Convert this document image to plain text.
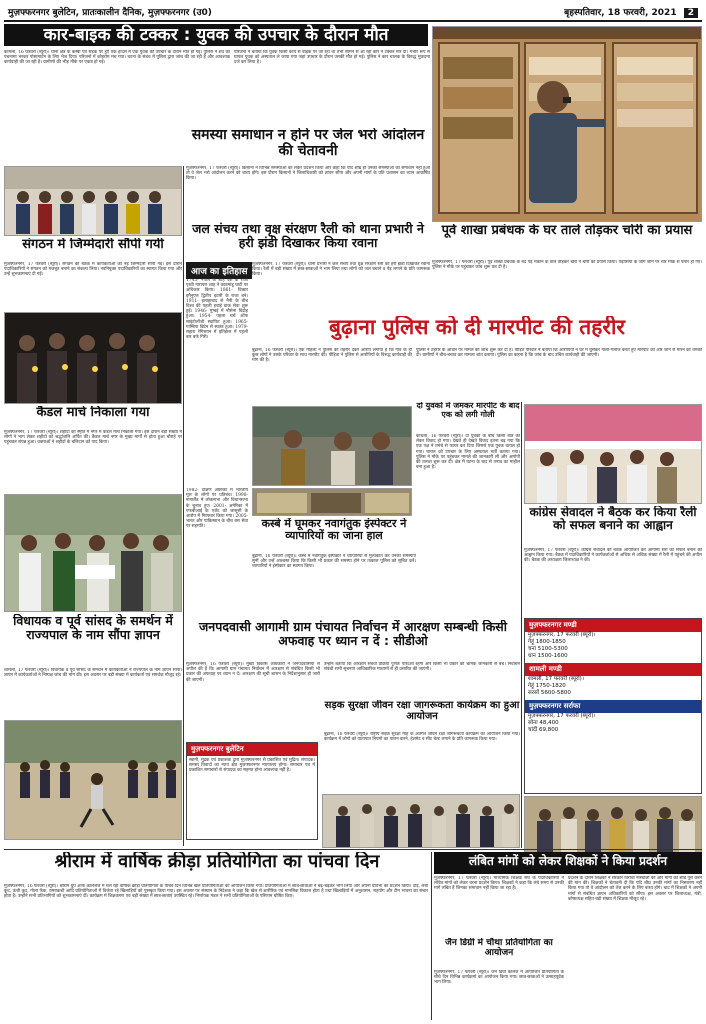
मुज़फ्फरनगर बुलेटिन, प्रातःकालीन दैनिक, मुज़फ्फरनगर (उ0)	बृहस्पतिवार, 18 फरवरी, 2021 2
कार-बाइक की टक्कर : युवक की उपचार के दौरान मौत
कामला, 16 फरवरी (ब्यूरो)। थाना क्षेत्र के कस्बा एवं सड़क पर हुए एक हादसे में एक युवक की उपचार के दौरान मौत हो गई। पुलिस ने शव का पंचनामा भरकर पोस्टमार्टम के लिए भेज दिया। परिजनों में कोहराम मच गया। घटना के संबंध में पुलिस द्वारा जांच की जा रही है और आवश्यक कार्यवाही की जा रही है। ग्रामीणों की भीड़ मौके पर एकत्र हो गई।
परिजनों ने बताया कि युवक किसी कार्य से बाइक पर जा रहा था तभी सामने से आ रही कार ने टक्कर मार दी। गंभीर रूप से घायल युवक को अस्पताल ले जाया गया जहां उपचार के दौरान उसकी मौत हो गई। पुलिस ने कार चालक के विरुद्ध मुकदमा दर्ज कर लिया है।
समस्या समाधान न होने पर जेल भरो आंदोलन की चेतावनी
मुज़फ्फरनगर, 17 फरवरी (ब्यूरो)। किसानों ने विभिन्न समस्याओं को लेकर प्रदर्शन किया और कहा कि यदि शीघ्र ही उनकी समस्याओं का समाधान नहीं हुआ तो वे जेल भरो आंदोलन करने को बाध्य होंगे। इस दौरान किसानों ने जिलाधिकारी को ज्ञापन सौंपा और अपनी मांगों के प्रति प्रशासन का ध्यान आकर्षित किया।
संगठन में जिम्मेदारी सौंपी गयी
मुज़फ्फरनगर, 17 फरवरी (ब्यूरो)। संगठन की बैठक में कार्यकर्ताओं को नई जिम्मेदारी सौंपी गई। इस दौरान पदाधिकारियों ने संगठन को मजबूत बनाने का संकल्प लिया। नवनियुक्त पदाधिकारियों का स्वागत किया गया और उन्हें शुभकामनाएं दी गईं।
जल संचय तथा वृक्ष संरक्षण रैली को थाना प्रभारी ने हरी झंडी दिखाकर किया रवाना
पूर्व शाखा प्रबंधक के घर ताले तोड़कर चोरी का प्रयास
आज का इतिहास
1745- नेपाल के शाह वंश के राजा पृथ्वी नारायण शाह ने काठमांडू घाटी पर अधिकार किया। 1861- विक्टर इमैनुएल द्वितीय इटली के राजा बने। 1911- इलाहाबाद से नैनी के बीच विश्व की पहली हवाई डाक सेवा शुरू हुई। 1946- मुम्बई में नौसेना विद्रोह हुआ। 1954- पहला चर्च ऑफ साइंटोलॉजी स्थापित हुआ। 1965- गाम्बिया ब्रिटेन से स्वतंत्र हुआ। 1979- सहारा रेगिस्तान में इतिहास में पहली बार बर्फ गिरी।
मुज़फ्फरनगर, 17 फरवरी (ब्यूरो)। थाना प्रभारी ने जल संचय तथा वृक्ष संरक्षण रैली को हरी झंडी दिखाकर रवाना किया। रैली में बड़ी संख्या में छात्र-छात्राओं ने भाग लिया तथा लोगों को जल बचाने व पेड़ लगाने के प्रति जागरूक किया।
मुज़फ्फरनगर, 17 फरवरी (ब्यूरो)। पूर्व शाखा प्रबंधक के बंद पड़े मकान के ताले तोड़कर चोरों ने चोरी का प्रयास किया। पड़ोसियों के जाग जाने पर चोर मौके से फरार हो गए। पुलिस ने मौके पर पहुंचकर जांच शुरू कर दी है।
बुढ़ाना पुलिस को दी मारपीट की तहरीर
कैंडल मार्च निकाला गया
मुज़फ्फरनगर, 17 फरवरी (ब्यूरो)। शहीदों की स्मृति में नगर में कैंडल मार्च निकाला गया। इस दौरान बड़ी संख्या में लोगों ने भाग लेकर शहीदों को श्रद्धांजलि अर्पित की। कैंडल मार्च नगर के मुख्य मार्गों से होता हुआ चौराहे पर पहुंचकर संपन्न हुआ। वक्ताओं ने शहीदों के बलिदान को याद किया।
बुढ़ाना, 16 फरवरी (ब्यूरो)। एक महिला ने पुलिस को तहरीर देकर आरोप लगाया है कि गांव के ही कुछ लोगों ने उसके परिवार के साथ मारपीट की। पीड़िता ने पुलिस से आरोपियों के विरुद्ध कार्यवाही की मांग की है।
पुलिस ने तहरीर के आधार पर मामले की जांच शुरू कर दी है। पीड़ित परिवार ने बताया कि आरोपियों ने घर में घुसकर गाली-गलौज करते हुए मारपीट की और जान से मारने की धमकी दी। ग्रामीणों ने बीच-बचाव कर मामला शांत कराया। पुलिस का कहना है कि जांच के बाद उचित कार्यवाही की जाएगी।
दो युवकों में जमकर मारपीट के बाद एक को लगी गोली
कांधला, 16 फरवरी (ब्यूरो)। दो युवकों के बीच किसी बात को लेकर विवाद हो गया। देखते ही देखते विवाद इतना बढ़ गया कि एक पक्ष ने तमंचे से फायर कर दिया जिससे एक युवक घायल हो गया। घायल को उपचार के लिए अस्पताल भर्ती कराया गया। पुलिस ने मौके पर पहुंचकर मामले की जानकारी ली और आरोपी की तलाश शुरू कर दी। क्षेत्र में घटना के बाद से तनाव का माहौल बना हुआ है।
कस्बे में घूमकर नवागंतुक इंस्पेक्टर ने व्यापारियों का जाना हाल
कांग्रेस सेवादल ने बैठक कर किया रैली को सफल बनाने का आह्वान
विधायक व पूर्व सांसद के समर्थन में राज्यपाल के नाम सौंपा ज्ञापन
शामली, 17 फरवरी (ब्यूरो)। विधायक व पूर्व सांसद के समर्थन में कार्यकर्ताओं ने राज्यपाल के नाम ज्ञापन सौंपा। ज्ञापन में कार्यकर्ताओं ने निष्पक्ष जांच की मांग की। इस अवसर पर बड़ी संख्या में कार्यकर्ता एवं समर्थक मौजूद रहे।
1982- दक्षिण अफ्रीका में भारतीय मूल के लोगों पर प्रतिबंध। 1998- नागालैंड में लोकसभा और विधानसभा के चुनाव हुए। 2001- अमेरिका में एफबीआई के एजेंट को जासूसी के आरोप में गिरफ्तार किया गया। 2005- भारत और पाकिस्तान के बीच बस सेवा पर सहमति।
बुढ़ाना, 16 फरवरी (ब्यूरो)। कस्बे में नवागंतुक इंस्पेक्टर ने व्यापारियों से मुलाकात कर उनकी समस्याएं सुनीं और उन्हें आश्वस्त किया कि किसी भी प्रकार की समस्या होने पर तत्काल पुलिस को सूचित करें। व्यापारियों ने इंस्पेक्टर का स्वागत किया।
मुज़फ्फरनगर, 17 फरवरी (ब्यूरो)। कांग्रेस सेवादल की बैठक आयोजित कर आगामी रैली को सफल बनाने का आह्वान किया गया। बैठक में पदाधिकारियों ने कार्यकर्ताओं से अधिक से अधिक संख्या में रैली में पहुंचने की अपील की। बैठक की अध्यक्षता जिलाध्यक्ष ने की।
जनपदवासी आगामी ग्राम पंचायत निर्वाचन में आरक्षण सम्बन्धी किसी अफवाह पर ध्यान न दें : सीडीओ
मुज़फ्फरनगर मण्डी
मुज़फ्फरनगर, 17 फरवरी (ब्यूरो)।
गेहूं 1800-1850
चना 5100-5300
धान 1500-1600
शामली मण्डी
शामली, 17 फरवरी (ब्यूरो)।
गेहूं 1750-1820
सरसों 5600-5800
मुज़फ्फरनगर सर्राफा
मुज़फ्फरनगर, 17 फरवरी (ब्यूरो)।
सोना 48,400
चांदी 69,800
मुज़फ्फरनगर बुलेटिन
स्वामी, मुद्रक एवं प्रकाशक द्वारा मुज़फ्फरनगर से प्रकाशित एवं मुद्रित। संपादक। समस्त विवादों का न्याय क्षेत्र मुज़फ्फरनगर न्यायालय होगा। समाचार पत्र में प्रकाशित समाचारों से संपादक का सहमत होना आवश्यक नहीं है।
मुज़फ्फरनगर, 16 फरवरी (ब्यूरो)। मुख्य विकास अधिकारी ने जनपदवासियों से अपील की है कि आगामी ग्राम पंचायत निर्वाचन में आरक्षण से संबंधित किसी भी प्रकार की अफवाह पर ध्यान न दें। आरक्षण की सूची शासन के निर्देशानुसार ही जारी की जाएगी।
उन्होंने बताया कि आरक्षण संबंधी प्रक्रिया पूर्णतः पारदर्शी रहेगी और किसी भी प्रकार की भ्रामक जानकारी से बचें। निर्वाचन संबंधी सभी सूचनाएं आधिकारिक माध्यमों से ही प्रसारित की जाएंगी।
सड़क सुरक्षा जीवन रक्षा जागरूकता कार्यक्रम का हुआ आयोजन
बुढ़ाना, 16 फरवरी (ब्यूरो)। राष्ट्रीय सड़क सुरक्षा माह के अंतर्गत जीवन रक्षा जागरूकता कार्यक्रम का आयोजन किया गया। कार्यक्रम में लोगों को यातायात नियमों का पालन करने, हेलमेट व सीट बेल्ट लगाने के प्रति जागरूक किया गया।
श्रीराम में वार्षिक क्रीड़ा प्रतियोगिता का पांचवा दिन	लंबित मांगों को लेकर शिक्षकों ने किया प्रदर्शन
मुज़फ्फरनगर, 16 फरवरी (ब्यूरो)। श्रीराम ग्रुप ऑफ कॉलेजेज में चल रही वार्षिक क्रीड़ा प्रतियोगिता के पांचवें दिन विभिन्न खेल प्रतियोगिताओं का आयोजन किया गया। प्रतियोगिताओं में छात्र-छात्राओं ने बढ़-चढ़कर भाग लिया और अपनी प्रतिभा का प्रदर्शन किया। दौड़, लंबी कूद, ऊंची कूद, गोला फेंक, रस्साकशी आदि प्रतियोगिताओं में विजेता रहे खिलाड़ियों को पुरस्कृत किया गया। इस अवसर पर संस्थान के निदेशक ने कहा कि खेल से शारीरिक एवं मानसिक विकास होता है तथा खिलाड़ियों में अनुशासन, सहयोग और टीम भावना का संचार होता है। उन्होंने सभी प्रतिभागियों को शुभकामनाएं दीं। कार्यक्रम में शिक्षकगण एवं बड़ी संख्या में छात्र-छात्राएं उपस्थित रहे। निर्णायक मंडल ने सभी प्रतियोगिताओं के परिणाम घोषित किए।
मुज़फ्फरनगर, 17 फरवरी (ब्यूरो)। माध्यमिक शिक्षक संघ के पदाधिकारियों ने लंबित मांगों को लेकर धरना प्रदर्शन किया। शिक्षकों ने कहा कि लंबे समय से उनकी मांगें लंबित हैं जिनका समाधान नहीं किया जा रहा है।
जैन डिग्री में चौथा प्रतियोगिता का आयोजन
मुज़फ्फरनगर, 17 फरवरी (ब्यूरो)। जैन डिग्री कॉलेज में आयोजित प्रतियोगिता के चौथे दिन विभिन्न कार्यक्रमों का आयोजन किया गया। छात्र-छात्राओं ने उत्साहपूर्वक भाग लिया।
प्रदर्शन के दौरान शिक्षकों ने सरकार विरोधी नारेबाजी की और मांगों को शीघ्र पूरा करने की मांग की। शिक्षकों ने चेतावनी दी कि यदि शीघ्र उनकी मांगों का निस्तारण नहीं किया गया तो वे आंदोलन को तेज करने के लिए बाध्य होंगे। बाद में शिक्षकों ने अपनी मांगों से संबंधित ज्ञापन अधिकारियों को सौंपा। इस अवसर पर जिलाध्यक्ष, मंत्री, कोषाध्यक्ष सहित बड़ी संख्या में शिक्षक मौजूद रहे।
